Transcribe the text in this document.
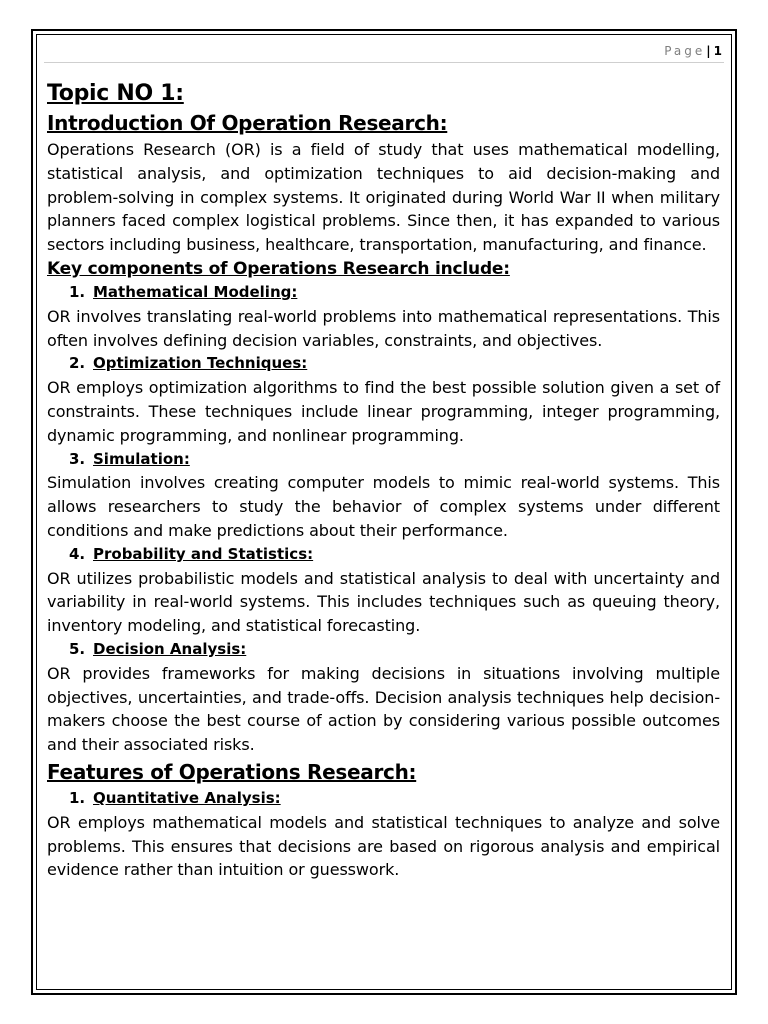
Page| 1
Topic NO 1:
Introduction Of Operation Research:

Operations Research (OR) is a field of study that uses mathematical modelling, statistical analysis, and optimization techniques to aid decision-making and problem-solving in complex systems. It originated during World War II when military planners faced complex logistical problems. Since then, it has expanded to various sectors including business, healthcare, transportation, manufacturing, and finance.

Key components of Operations Research include:
1. Mathematical Modeling:

OR involves translating real-world problems into mathematical representations. This often involves defining decision variables, constraints, and objectives.

2. Optimization Techniques:

OR employs optimization algorithms to find the best possible solution given a set of constraints. These techniques include linear programming, integer programming, dynamic programming, and nonlinear programming.

3. Simulation:

Simulation involves creating computer models to mimic real-world systems. This allows researchers to study the behavior of complex systems under different conditions and make predictions about their performance.

4. Probability and Statistics:

OR utilizes probabilistic models and statistical analysis to deal with uncertainty and variability in real-world systems. This includes techniques such as queuing theory, inventory modeling, and statistical forecasting.

5. Decision Analysis:

OR provides frameworks for making decisions in situations involving multiple objectives, uncertainties, and trade-offs. Decision analysis techniques help decision-makers choose the best course of action by considering various possible outcomes and their associated risks.

Features of Operations Research:
1. Quantitative Analysis:

OR employs mathematical models and statistical techniques to analyze and solve problems. This ensures that decisions are based on rigorous analysis and empirical evidence rather than intuition or guesswork.
